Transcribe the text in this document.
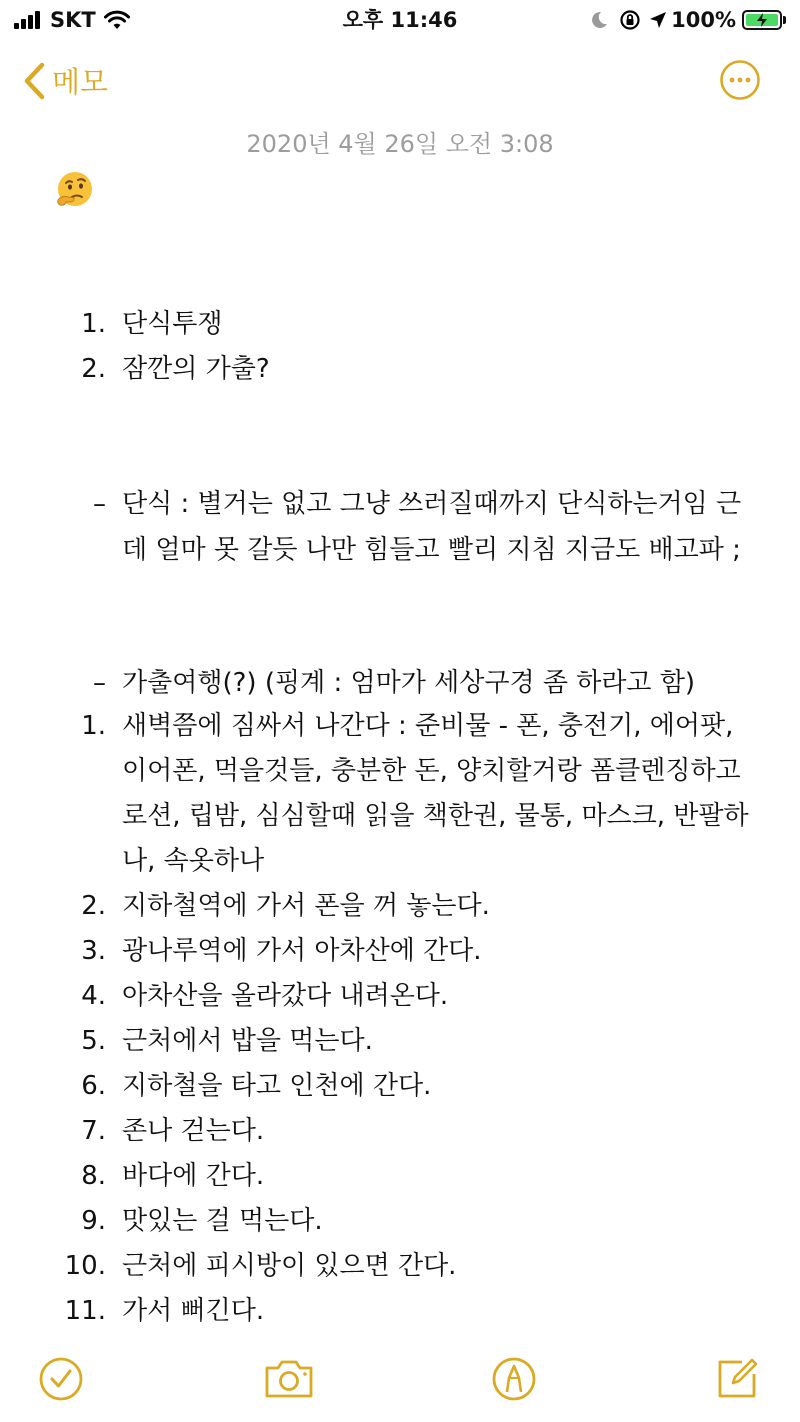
SKT	오후 11:46	100%
메모
2020년 4월 26일 오전 3:08
1. 단식투쟁
2. 잠깐의 가출?
– 단식 : 별거는 없고 그냥 쓰러질때까지 단식하는거임 근데 얼마 못 갈듯 나만 힘들고 빨리 지침 지금도 배고파 ;
– 가출여행(?) (핑계 : 엄마가 세상구경 좀 하라고 함)
1. 새벽쯤에 짐싸서 나간다 : 준비물 - 폰, 충전기, 에어팟, 이어폰, 먹을것들, 충분한 돈, 양치할거랑 폼클렌징하고 로션, 립밤, 심심할때 읽을 책한권, 물통, 마스크, 반팔하나, 속옷하나
2. 지하철역에 가서 폰을 꺼 놓는다.
3. 광나루역에 가서 아차산에 간다.
4. 아차산을 올라갔다 내려온다.
5. 근처에서 밥을 먹는다.
6. 지하철을 타고 인천에 간다.
7. 존나 걷는다.
8. 바다에 간다.
9. 맛있는 걸 먹는다.
10. 근처에 피시방이 있으면 간다.
11. 가서 뻐긴다.
